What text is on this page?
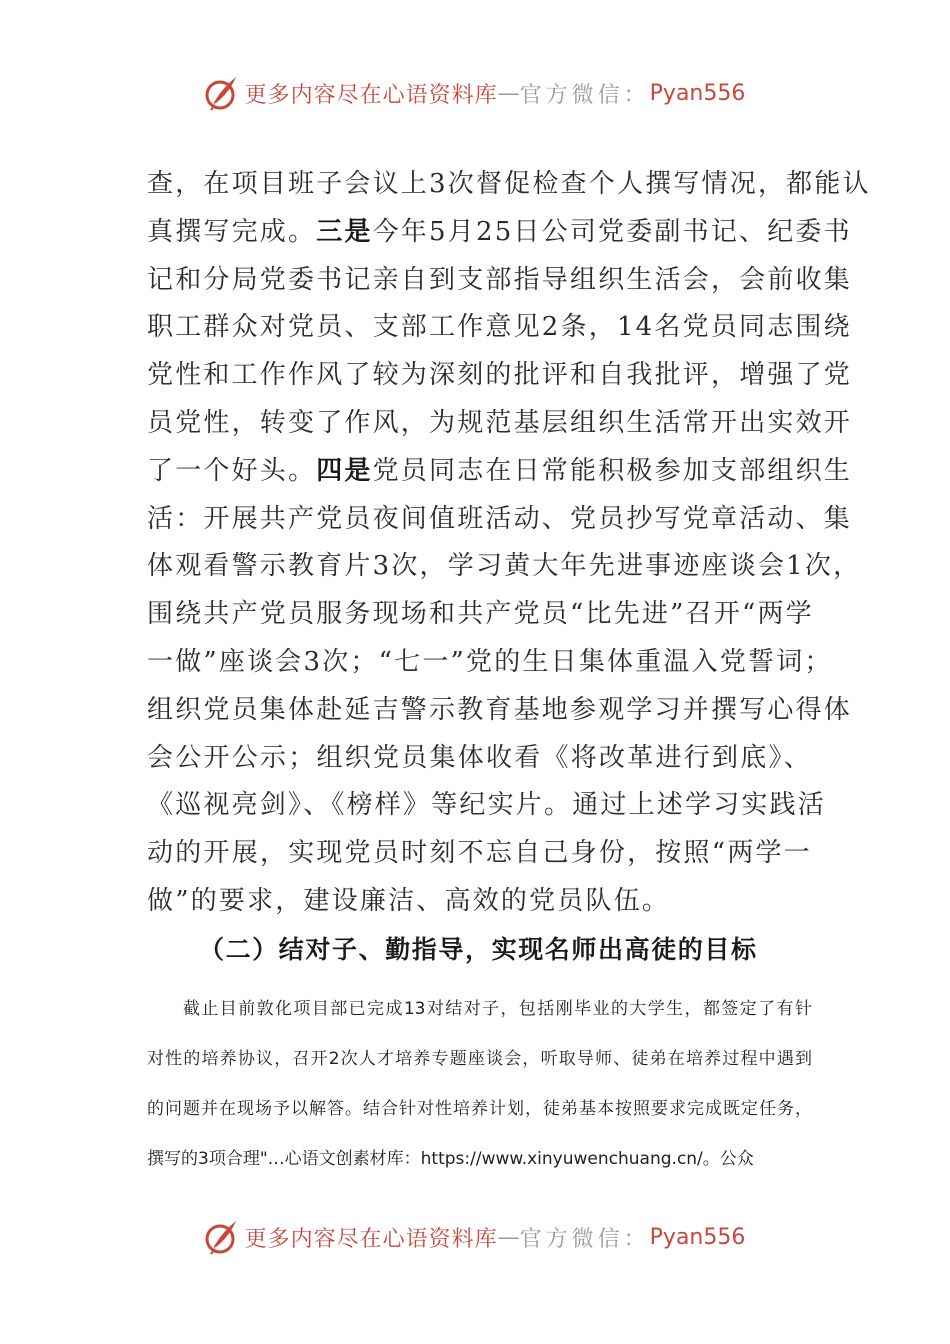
更多内容尽在心语资料库 — 官方微信： Pyan556
查，在项目班子会议上3次督促检查个人撰写情况，都能认
真撰写完成。三是今年5月25日公司党委副书记、纪委书
记和分局党委书记亲自到支部指导组织生活会，会前收集
职工群众对党员、支部工作意见2条，14名党员同志围绕
党性和工作作风了较为深刻的批评和自我批评，增强了党
员党性，转变了作风，为规范基层组织生活常开出实效开
了一个好头。四是党员同志在日常能积极参加支部组织生
活：开展共产党员夜间值班活动、党员抄写党章活动、集
体观看警示教育片3次，学习黄大年先进事迹座谈会1次，
围绕共产党员服务现场和共产党员“比先进”召开“两学
一做”座谈会3次；“七一”党的生日集体重温入党誓词；
组织党员集体赴延吉警示教育基地参观学习并撰写心得体
会公开公示；组织党员集体收看《将改革进行到底》、
《巡视亮剑》、《榜样》等纪实片。通过上述学习实践活
动的开展，实现党员时刻不忘自己身份，按照“两学一
做”的要求，建设廉洁、高效的党员队伍。
（二）结对子、勤指导，实现名师出高徒的目标
截止目前敦化项目部已完成13对结对子，包括刚毕业的大学生，都签定了有针
对性的培养协议，召开2次人才培养专题座谈会，听取导师、徒弟在培养过程中遇到
的问题并在现场予以解答。结合针对性培养计划，徒弟基本按照要求完成既定任务，
撰写的3项合理"…心语文创素材库：https://www.xinyuwenchuang.cn/。公众
更多内容尽在心语资料库 — 官方微信： Pyan556
